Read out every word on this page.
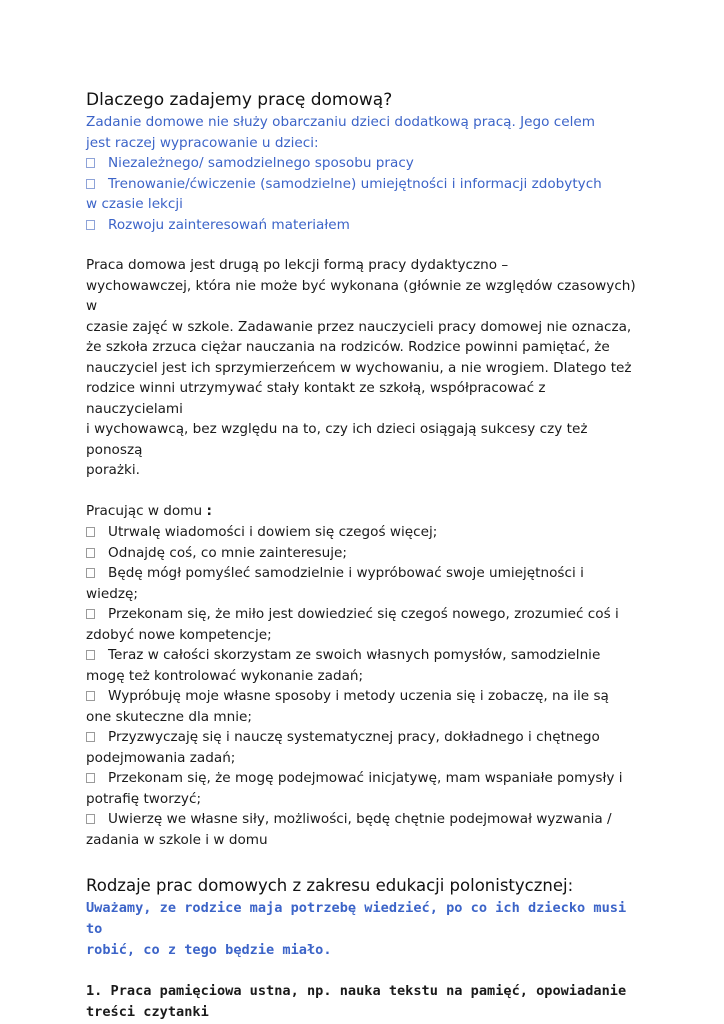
Dlaczego zadajemy pracę domową?

Zadanie domowe nie służy obarczaniu dzieci dodatkową pracą. Jego celem

jest raczej wypracowanie u dzieci:

Niezależnego/ samodzielnego sposobu pracy

Trenowanie/ćwiczenie (samodzielne) umiejętności i informacji zdobytych

w czasie lekcji

Rozwoju zainteresowań materiałem

Praca domowa jest drugą po lekcji formą pracy dydaktyczno –

wychowawczej, która nie może być wykonana (głównie ze względów czasowych) w

czasie zajęć w szkole. Zadawanie przez nauczycieli pracy domowej nie oznacza,

że szkoła zrzuca ciężar nauczania na rodziców. Rodzice powinni pamiętać, że

nauczyciel jest ich sprzymierzeńcem w wychowaniu, a nie wrogiem. Dlatego też

rodzice winni utrzymywać stały kontakt ze szkołą, współpracować z nauczycielami

i wychowawcą, bez względu na to, czy ich dzieci osiągają sukcesy czy też ponoszą

porażki.

Pracując w domu :

Utrwalę wiadomości i dowiem się czegoś więcej;

Odnajdę coś, co mnie zainteresuje;

Będę mógł pomyśleć samodzielnie i wypróbować swoje umiejętności i

wiedzę;

Przekonam się, że miło jest dowiedzieć się czegoś nowego, zrozumieć coś i

zdobyć nowe kompetencje;

Teraz w całości skorzystam ze swoich własnych pomysłów, samodzielnie

mogę też kontrolować wykonanie zadań;

Wypróbuję moje własne sposoby i metody uczenia się i zobaczę, na ile są

one skuteczne dla mnie;

Przyzwyczaję się i nauczę systematycznej pracy, dokładnego i chętnego

podejmowania zadań;

Przekonam się, że mogę podejmować inicjatywę, mam wspaniałe pomysły i

potrafię tworzyć;

Uwierzę we własne siły, możliwości, będę chętnie podejmował wyzwania /

zadania w szkole i w domu

Rodzaje prac domowych z zakresu edukacji polonistycznej:

Uważamy, ze rodzice maja potrzebę wiedzieć, po co ich dziecko musi to

robić, co z tego będzie miało.

1. Praca pamięciowa ustna, np. nauka tekstu na pamięć, opowiadanie

treści czytanki
